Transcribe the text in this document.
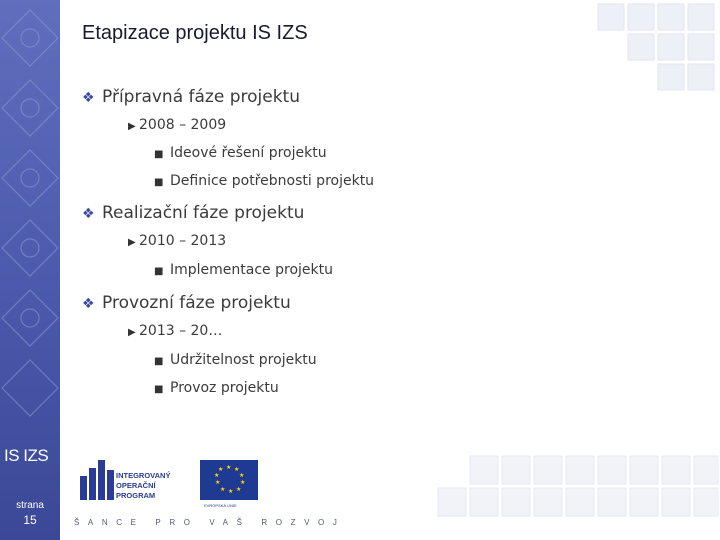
IS IZS
strana
15
Etapizace projektu IS IZS
❖ Přípravná fáze projektu
▶ 2008 – 2009
■ Ideové řešení projektu
■ Definice potřebnosti projektu
❖ Realizační fáze projektu
▶ 2010 – 2013
■ Implementace projektu
❖ Provozní fáze projektu
▶ 2013 – 20…
■ Udržitelnost projektu
■ Provoz projektu
INTEGROVANÝ
OPERAČNÍ
PROGRAM
★ ★
★
★
★
★
★
★
★
★
EVROPSKÁ UNIE
ŠANCE PRO VAŠ ROZVOJ
